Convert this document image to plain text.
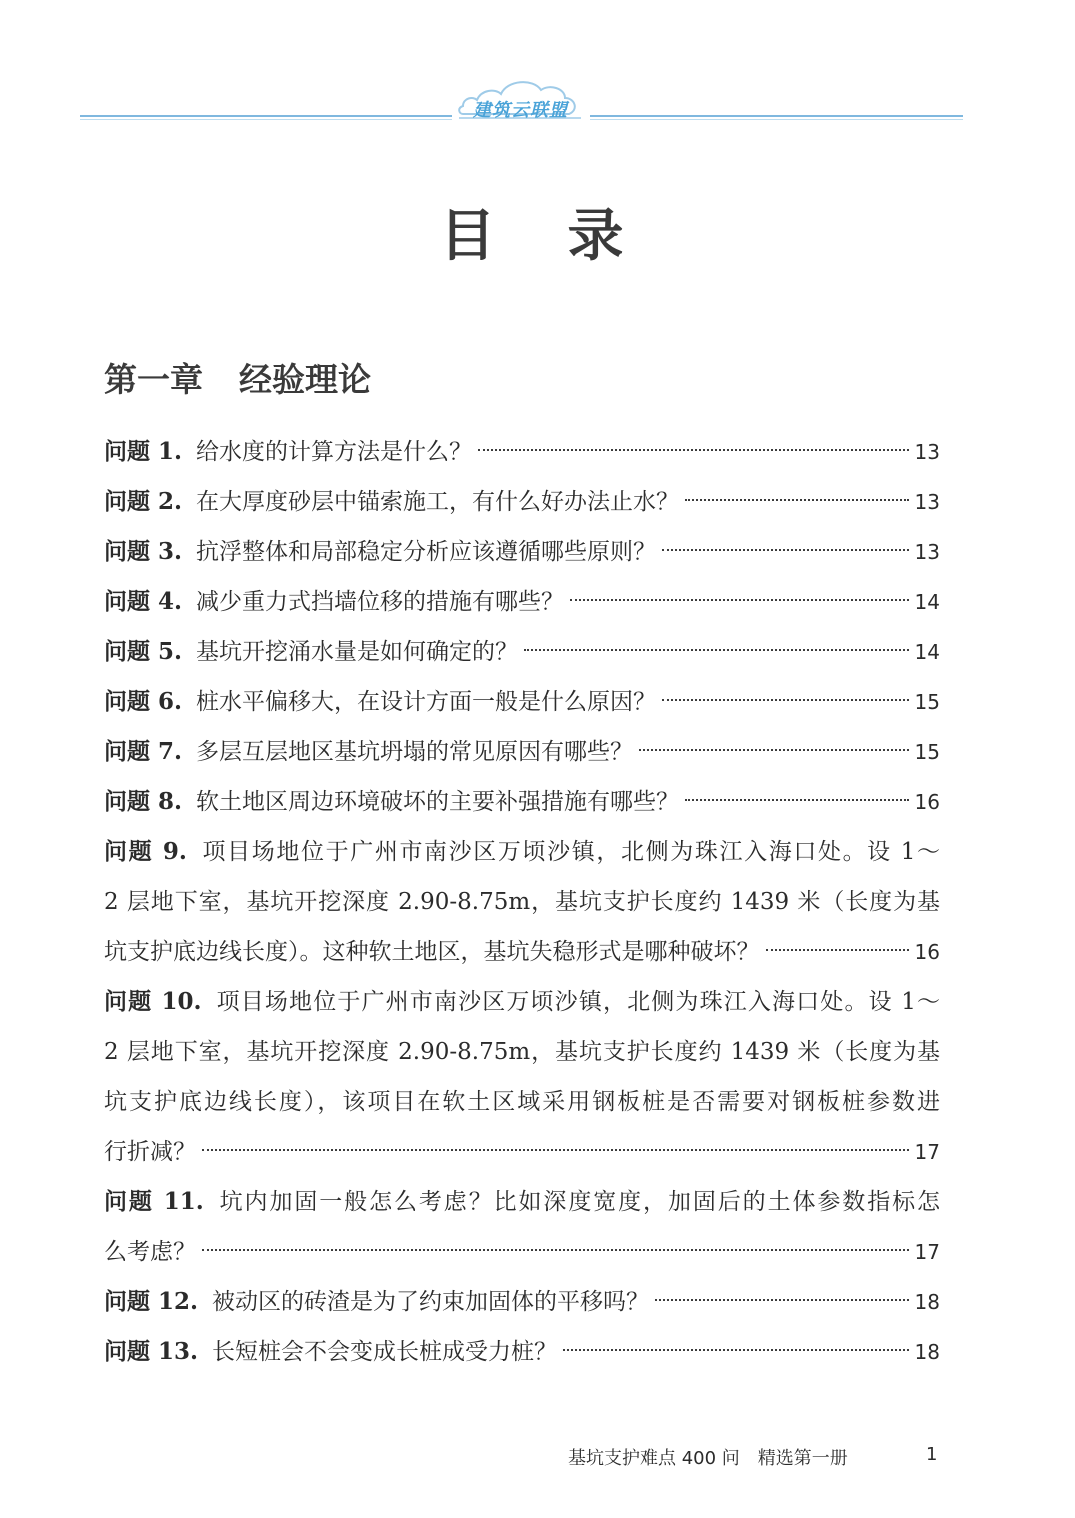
建筑云联盟
目录
第一章 经验理论
问题 1. 给水度的计算方法是什么？	13
问题 2. 在大厚度砂层中锚索施工，有什么好办法止水？	13
问题 3. 抗浮整体和局部稳定分析应该遵循哪些原则？	13
问题 4. 减少重力式挡墙位移的措施有哪些？	14
问题 5. 基坑开挖涌水量是如何确定的？	14
问题 6. 桩水平偏移大，在设计方面一般是什么原因？	15
问题 7. 多层互层地区基坑坍塌的常见原因有哪些？	15
问题 8. 软土地区周边环境破坏的主要补强措施有哪些？	16
问题 9. 项目场地位于广州市南沙区万顷沙镇，北侧为珠江入海口处。设 1～
2 层地下室，基坑开挖深度 2.90-8.75m，基坑支护长度约 1439 米（长度为基
坑支护底边线长度）。这种软土地区，基坑失稳形式是哪种破坏？	16
问题 10. 项目场地位于广州市南沙区万顷沙镇，北侧为珠江入海口处。设 1～
2 层地下室，基坑开挖深度 2.90-8.75m，基坑支护长度约 1439 米（长度为基
坑支护底边线长度），该项目在软土区域采用钢板桩是否需要对钢板桩参数进
行折减？	17
问题 11. 坑内加固一般怎么考虑？比如深度宽度，加固后的土体参数指标怎
么考虑？	17
问题 12. 被动区的砖渣是为了约束加固体的平移吗？	18
问题 13. 长短桩会不会变成长桩成受力桩？	18
基坑支护难点 400 问　精选第一册	1
